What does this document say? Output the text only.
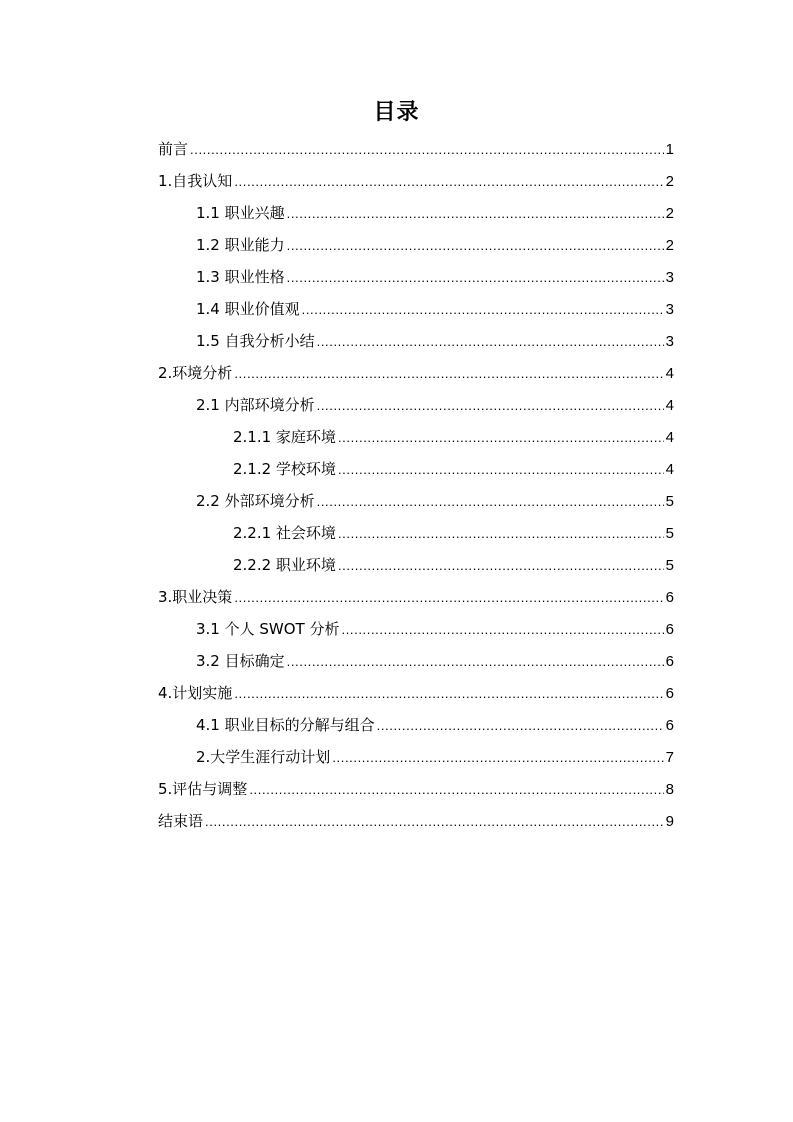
目录
前言 .....	1
1.自我认知 .....	2
1.1 职业兴趣 .....	2
1.2 职业能力 .....	2
1.3 职业性格 .....	3
1.4 职业价值观 .....	3
1.5 自我分析小结 .....	3
2.环境分析 .....	4
2.1 内部环境分析 .....	4
2.1.1 家庭环境 .....	4
2.1.2 学校环境 .....	4
2.2 外部环境分析 .....	5
2.2.1 社会环境 .....	5
2.2.2 职业环境 .....	5
3.职业决策 .....	6
3.1 个人 SWOT 分析 .....	6
3.2 目标确定 .....	6
4.计划实施 .....	6
4.1 职业目标的分解与组合 .....	6
2.大学生涯行动计划 .....	7
5.评估与调整 .....	8
结束语 .....	9
